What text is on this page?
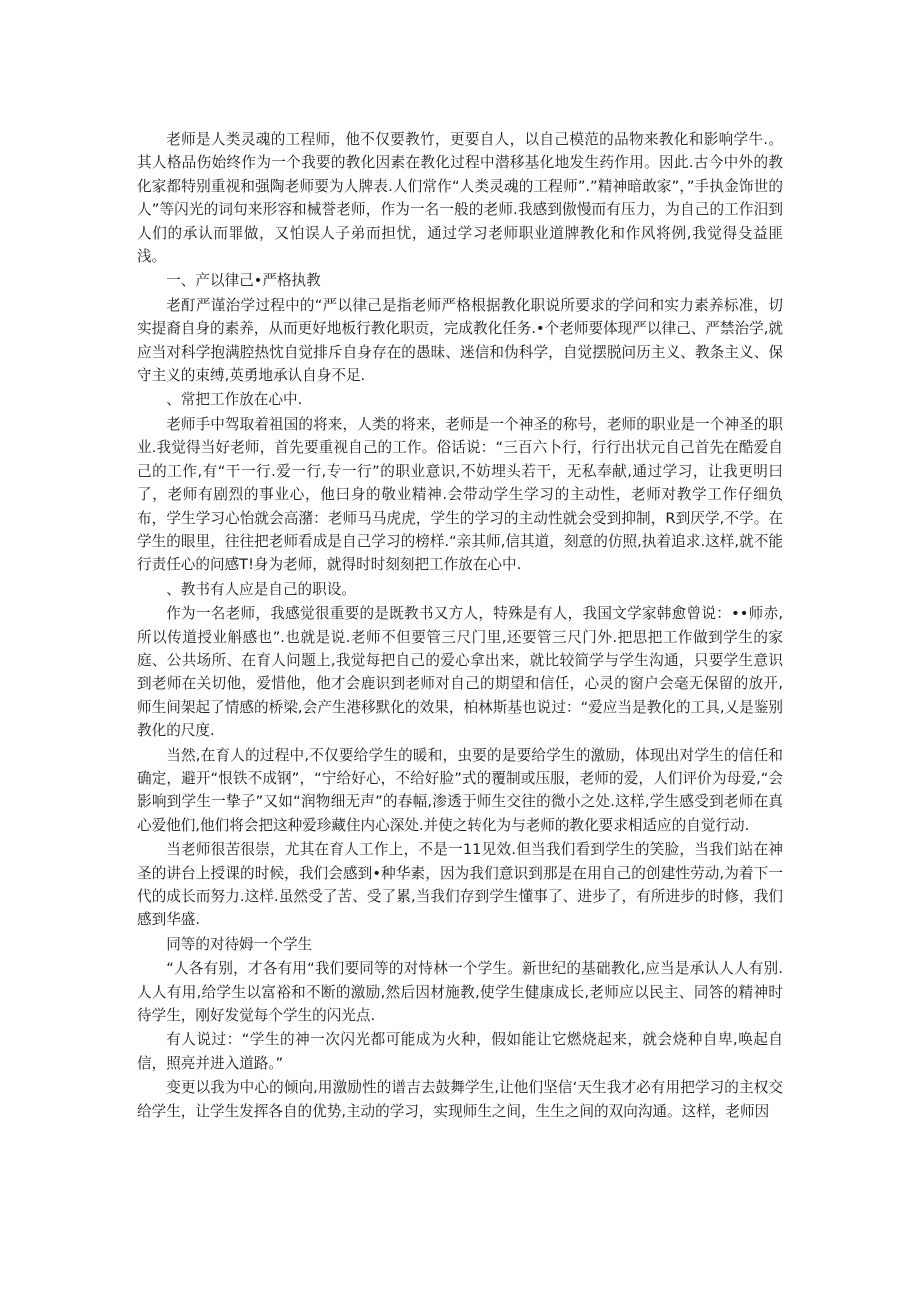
老师是人类灵魂的工程师，他不仅要教竹，更要自人，以自己模范的品物来教化和影响学牛.。其人格品伤始终作为一个我要的教化因素在教化过程中潜移基化地发生药作用。因此.古今中外的教化家都特别重视和强陶老师要为人牌表.人们常作“人类灵魂的工程师”.”精神暗敢家”，”手执金饰世的人”等闪光的词句来形容和械誉老师，作为一名一般的老师.我感到傲慢而有压力，为自己的工作汨到人们的承认而罪做，又怕误人子弟而担忧，通过学习老师职业道牌教化和作风将例,我觉得殳益匪浅。

一、产以律己•严格执教

老酊严谨治学过程中的“严以律己是指老师严格根据教化职说所要求的学问和实力素养标准，切实提裔自身的素养，从而更好地板行教化职贡，完成教化任务.•个老师要体现严以律己、严禁治学,就应当对科学抱满腔热忱自觉排斥自身存在的愚昧、迷信和伪科学，自觉摆脱问历主义、教条主义、保守主义的束缚,英勇地承认自身不足.

、常把工作放在心中.

老师手中驾取着祖国的将来，人类的将来，老师是一个神圣的称号，老师的职业是一个神圣的职业.我觉得当好老师，首先要重视自己的工作。俗话说：“三百六卜行，行行出状元自己首先在酷爱自己的工作,有“干一行.爱一行,专一行”的职业意识,不妨埋头若干，无私奉献,通过学习，让我更明曰了，老师有剧烈的事业心，他曰身的敬业精神.会带动学生学习的主动性，老师对教学工作仔细负布，学生学习心怡就会高潴：老师马马虎虎，学生的学习的主动性就会受到抑制，R到厌学,不学。在学生的眼里，往往把老师看成是自己学习的榜样.“亲其师,信其道，刻意的仿照,执着追求.这样,就不能行责任心的问感T!身为老师，就得时时刻刻把工作放在心中.

、教书有人应是自己的职设。

作为一名老师，我感觉很重要的是既教书又方人，特殊是有人，我国文学家韩愈曾说：••师赤,所以传道授业斛感也”.也就是说.老师不但要管三尺门里,还要管三尺门外.把思把工作做到学生的家庭、公共场所、在育人问题上,我觉每把自己的爱心拿出来，就比较简学与学生沟通，只要学生意识到老师在关切他，爱惜他，他才会鹿识到老师对自己的期望和信任，心灵的窗户会毫无保留的放开,师生间架起了情感的桥梁,会产生港移默化的效果，柏林斯基也说过：“爱应当是教化的工具,乂是鉴别教化的尺度.

当然,在育人的过程中,不仅要给学生的暖和，虫要的是要给学生的激励，体现出对学生的信任和确定，避开“恨铁不成钢”，“宁给好心，不给好脸”式的覆制或压服，老师的爱，人们评价为母爱,“会影响到学生一挚子”又如“润物细无声”的春幅,渗透于师生交往的微小之处.这样,学生感受到老师在真心爱他们,他们将会把这种爱珍藏住内心深处.并使之转化为与老师的教化要求相适应的自觉行动.

当老师很苦很崇，尤其在育人工作上，不是一11见效.但当我们看到学生的笑脸，当我们站在神圣的讲台上授课的时候，我们会感到•种华素，因为我们意识到那是在用自己的创建性劳动,为着下一代的成长而努力.这样.虽然受了苦、受了累,当我们存到学生懂事了、进步了，有所进步的时修，我们感到华盛.

同等的对待姆一个学生

“人各有别，才各有用“我们要同等的对恃林一个学生。新世纪的基础教化,应当是承认人人有别.人人有用,给学生以富裕和不断的激励,然后因材施教,使学生健康成长,老师应以民主、同答的精神时待学生，刚好发觉每个学生的闪光点.

有人说过：“学生的神一次闪光都可能成为火种，假如能让它燃烧起来，就会烧种自卑,唤起自信，照亮并进入道路。”

变更以我为中心的倾向,用激励性的谱吉去鼓舞学生,让他们坚信‘天生我才必有用把学习的主权交给学生，让学生发挥各自的优势,主动的学习，实现师生之间，生生之间的双向沟通。这样，老师因
